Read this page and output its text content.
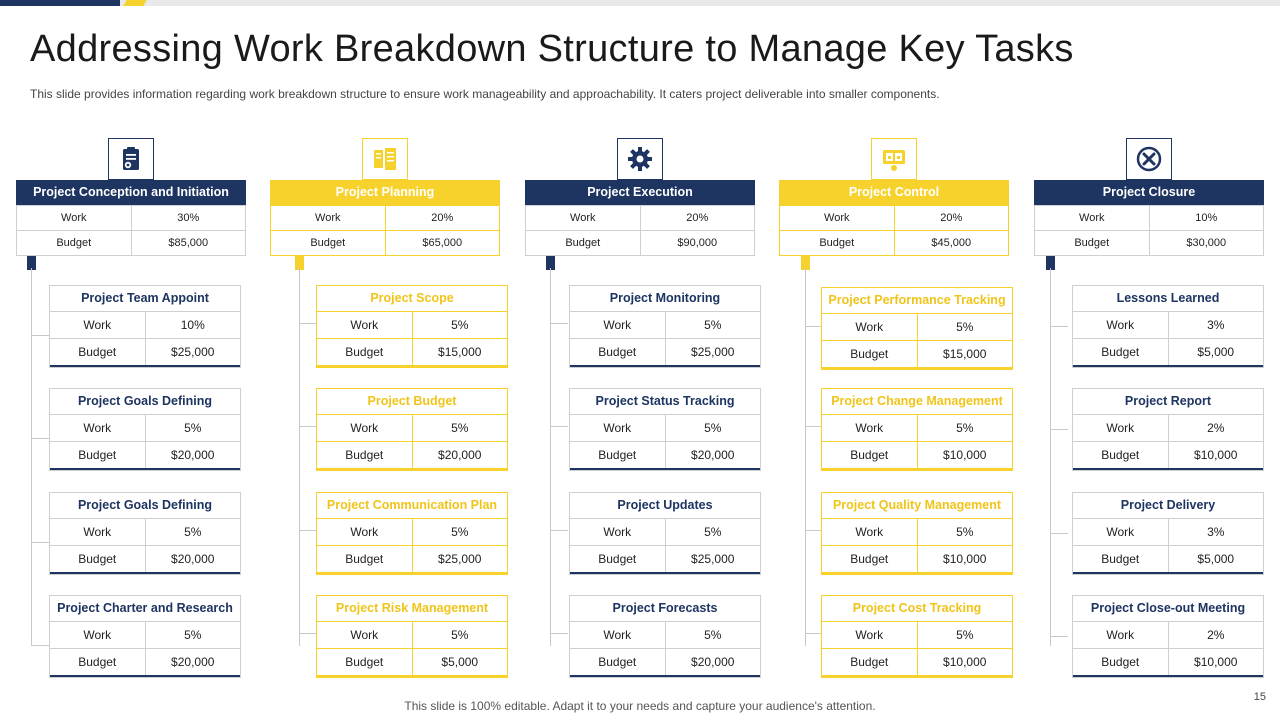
Addressing Work Breakdown Structure to Manage Key Tasks
This slide provides information regarding work breakdown structure to ensure work manageability and approachability. It caters project deliverable into smaller components.
Project Conception and Initiation
Work	30%
Budget	$85,000
Project Team Appoint
Work	10%
Budget	$25,000
Project Goals Defining
Work	5%
Budget	$20,000
Project Goals Defining
Work	5%
Budget	$20,000
Project Charter and Research
Work	5%
Budget	$20,000
Project Planning
Work	20%
Budget	$65,000
Project Scope
Work	5%
Budget	$15,000
Project Budget
Work	5%
Budget	$20,000
Project Communication Plan
Work	5%
Budget	$25,000
Project Risk Management
Work	5%
Budget	$5,000
Project Execution
Work	20%
Budget	$90,000
Project Monitoring
Work	5%
Budget	$25,000
Project Status Tracking
Work	5%
Budget	$20,000
Project Updates
Work	5%
Budget	$25,000
Project Forecasts
Work	5%
Budget	$20,000
Project Control
Work	20%
Budget	$45,000
Project Performance Tracking
Work	5%
Budget	$15,000
Project Change Management
Work	5%
Budget	$10,000
Project Quality Management
Work	5%
Budget	$10,000
Project Cost Tracking
Work	5%
Budget	$10,000
Project Closure
Work	10%
Budget	$30,000
Lessons Learned
Work	3%
Budget	$5,000
Project Report
Work	2%
Budget	$10,000
Project Delivery
Work	3%
Budget	$5,000
Project Close-out Meeting
Work	2%
Budget	$10,000
This slide is 100% editable. Adapt it to your needs and capture your audience's attention.
15
